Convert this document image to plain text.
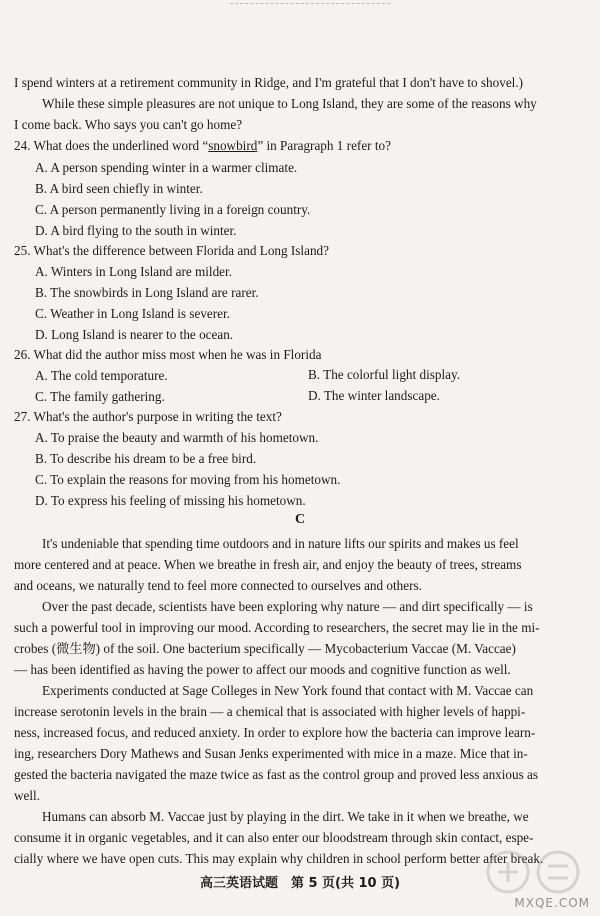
I spend winters at a retirement community in Ridge, and I'm grateful that I don't have to shovel.)
While these simple pleasures are not unique to Long Island, they are some of the reasons why
I come back. Who says you can't go home?
24. What does the underlined word “snowbird” in Paragraph 1 refer to?
A. A person spending winter in a warmer climate.
B. A bird seen chiefly in winter.
C. A person permanently living in a foreign country.
D. A bird flying to the south in winter.
25. What's the difference between Florida and Long Island?
A. Winters in Long Island are milder.
B. The snowbirds in Long Island are rarer.
C. Weather in Long Island is severer.
D. Long Island is nearer to the ocean.
26. What did the author miss most when he was in Florida
A. The cold temporature.	B. The colorful light display.
C. The family gathering.	D. The winter landscape.
27. What's the author's purpose in writing the text?
A. To praise the beauty and warmth of his hometown.
B. To describe his dream to be a free bird.
C. To explain the reasons for moving from his hometown.
D. To express his feeling of missing his hometown.
C
It's undeniable that spending time outdoors and in nature lifts our spirits and makes us feel
more centered and at peace. When we breathe in fresh air, and enjoy the beauty of trees, streams
and oceans, we naturally tend to feel more connected to ourselves and others.
Over the past decade, scientists have been exploring why nature — and dirt specifically — is
such a powerful tool in improving our mood. According to researchers, the secret may lie in the mi-
crobes (微生物) of the soil. One bacterium specifically — Mycobacterium Vaccae (M. Vaccae)
— has been identified as having the power to affect our moods and cognitive function as well.
Experiments conducted at Sage Colleges in New York found that contact with M. Vaccae can
increase serotonin levels in the brain — a chemical that is associated with higher levels of happi-
ness, increased focus, and reduced anxiety. In order to explore how the bacteria can improve learn-
ing, researchers Dory Mathews and Susan Jenks experimented with mice in a maze. Mice that in-
gested the bacteria navigated the maze twice as fast as the control group and proved less anxious as
well.
Humans can absorb M. Vaccae just by playing in the dirt. We take in it when we breathe, we
consume it in organic vegetables, and it can also enter our bloodstream through skin contact, espe-
cially where we have open cuts. This may explain why children in school perform better after break.
高三英语试题　第 5 页(共 10 页)
MXQE.COM
